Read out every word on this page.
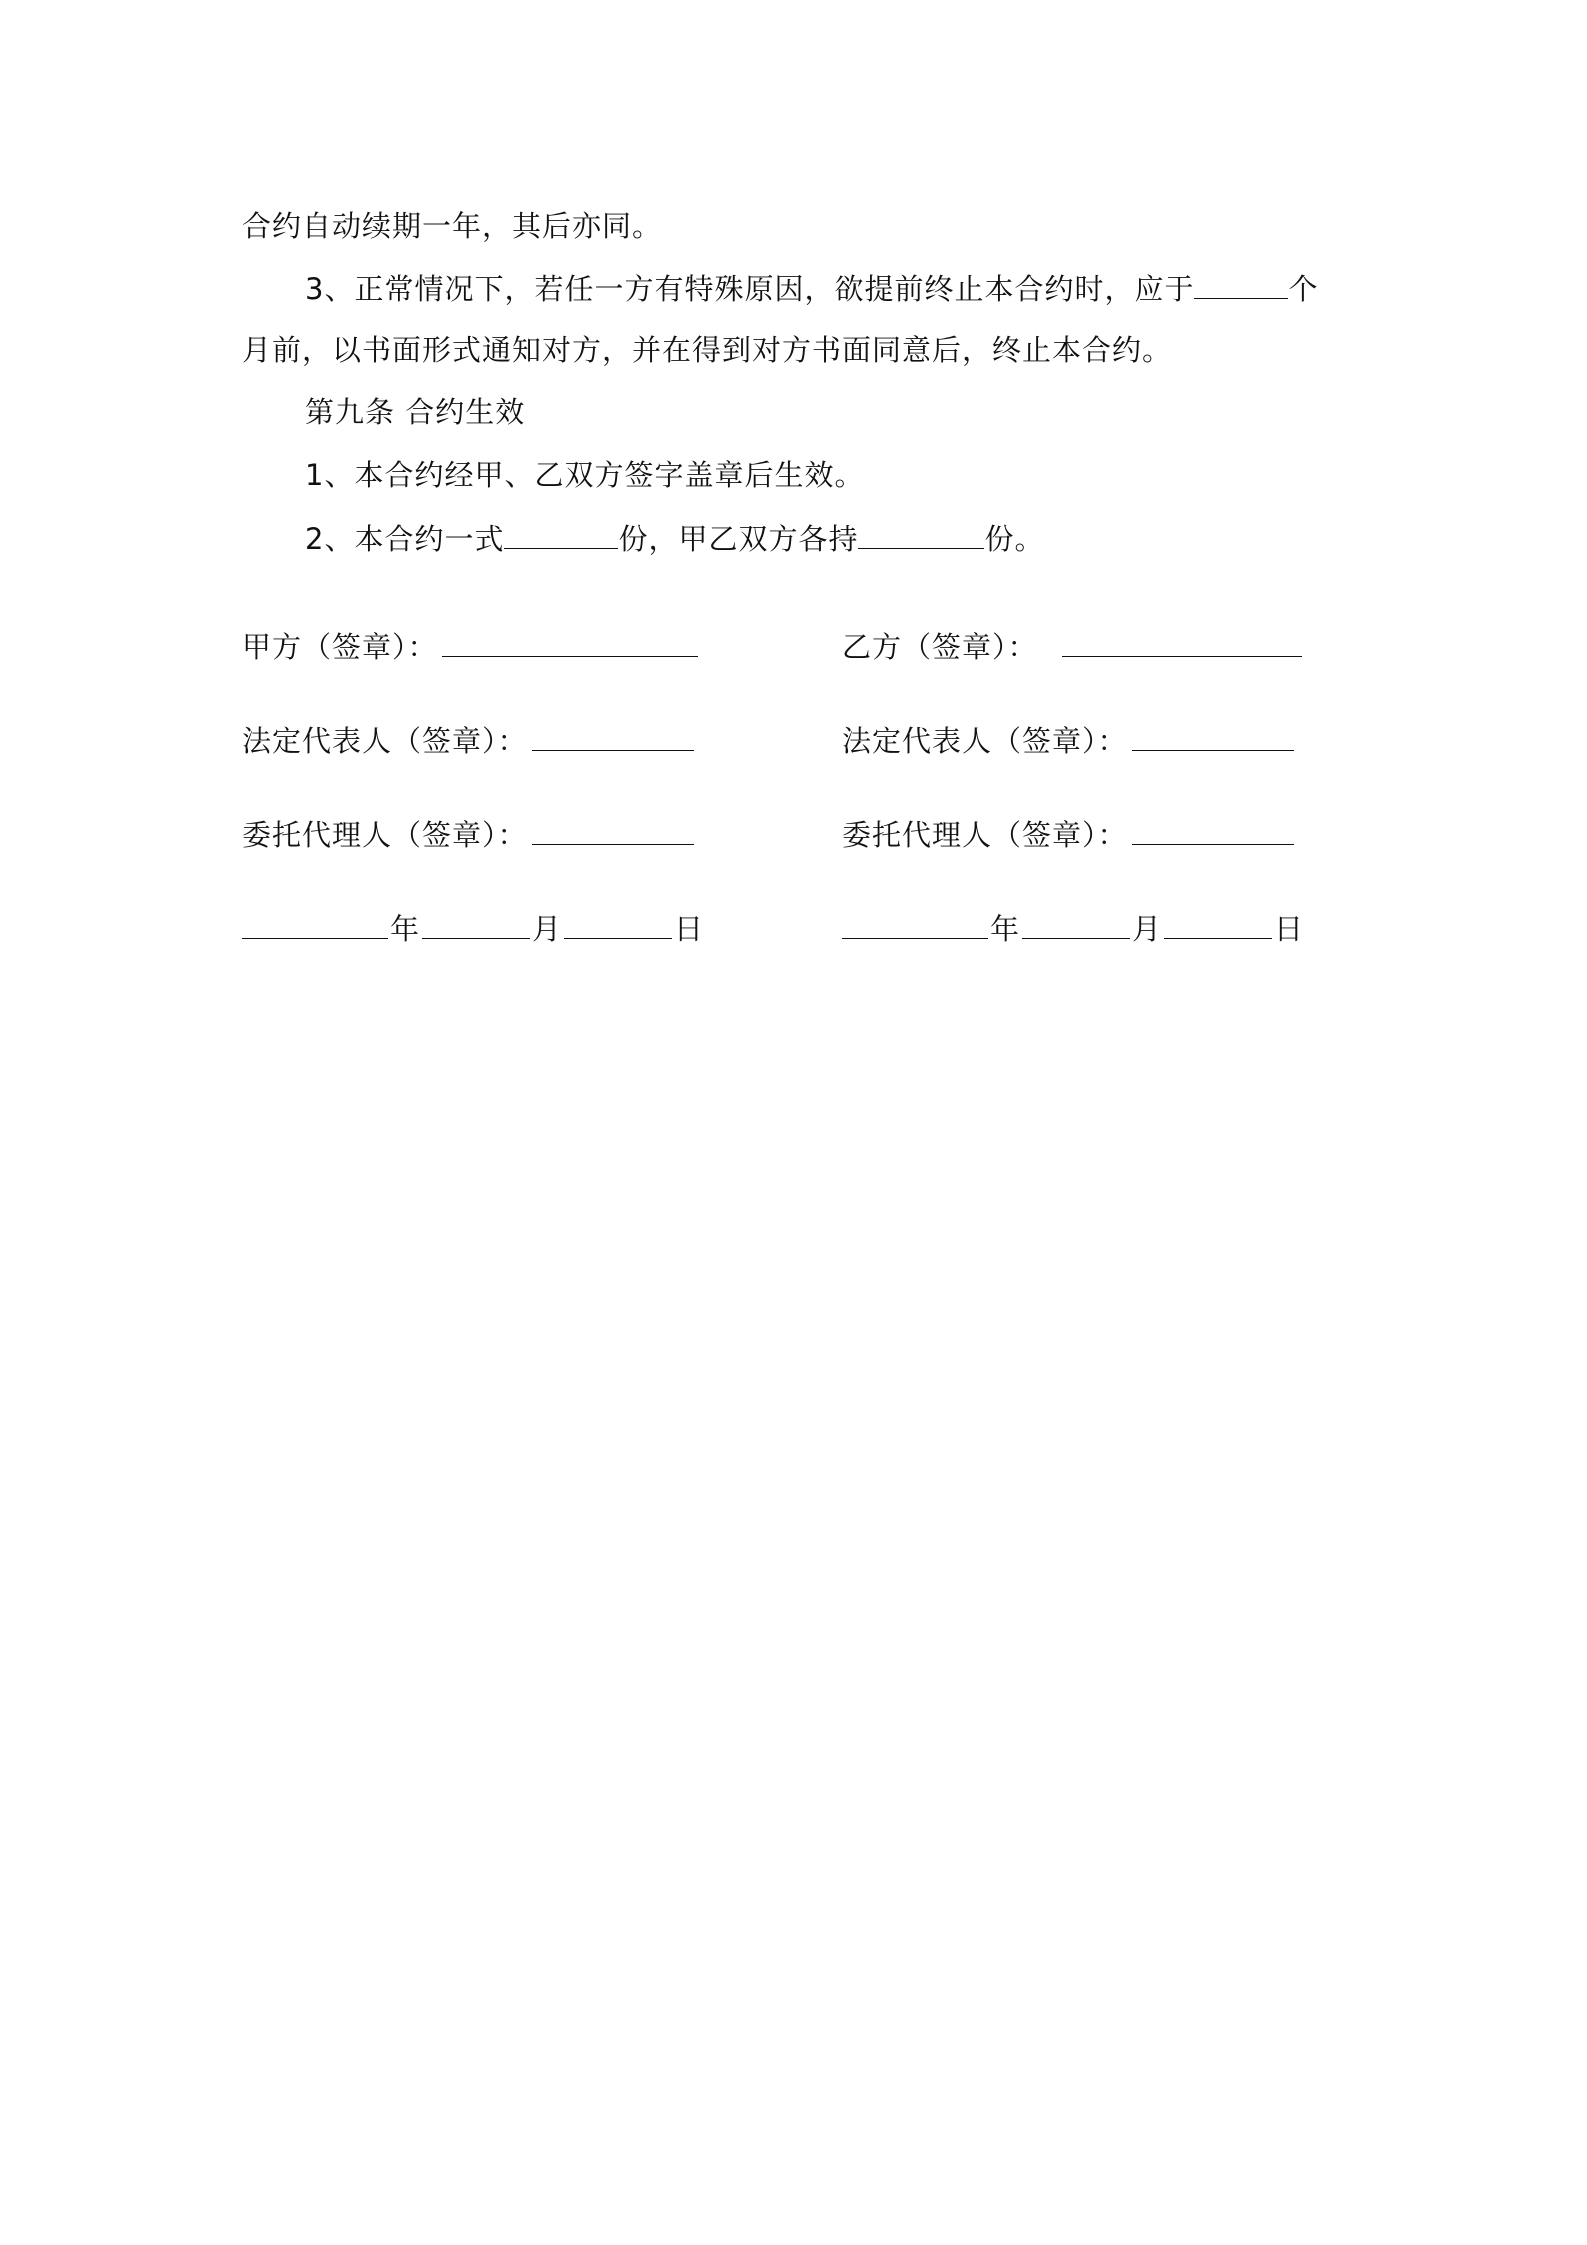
合约自动续期一年，其后亦同。
3、正常情况下，若任一方有特殊原因，欲提前终止本合约时，应于	个
月前，以书面形式通知对方，并在得到对方书面同意后，终止本合约。
第九条 合约生效
1、本合约经甲、乙双方签字盖章后生效。
2、本合约一式	份，甲乙双方各持	份。
甲方（签章）：	乙方（签章）：
法定代表人（签章）：	法定代表人（签章）：
委托代理人（签章）：	委托代理人（签章）：
年	月	日	年	月	日
